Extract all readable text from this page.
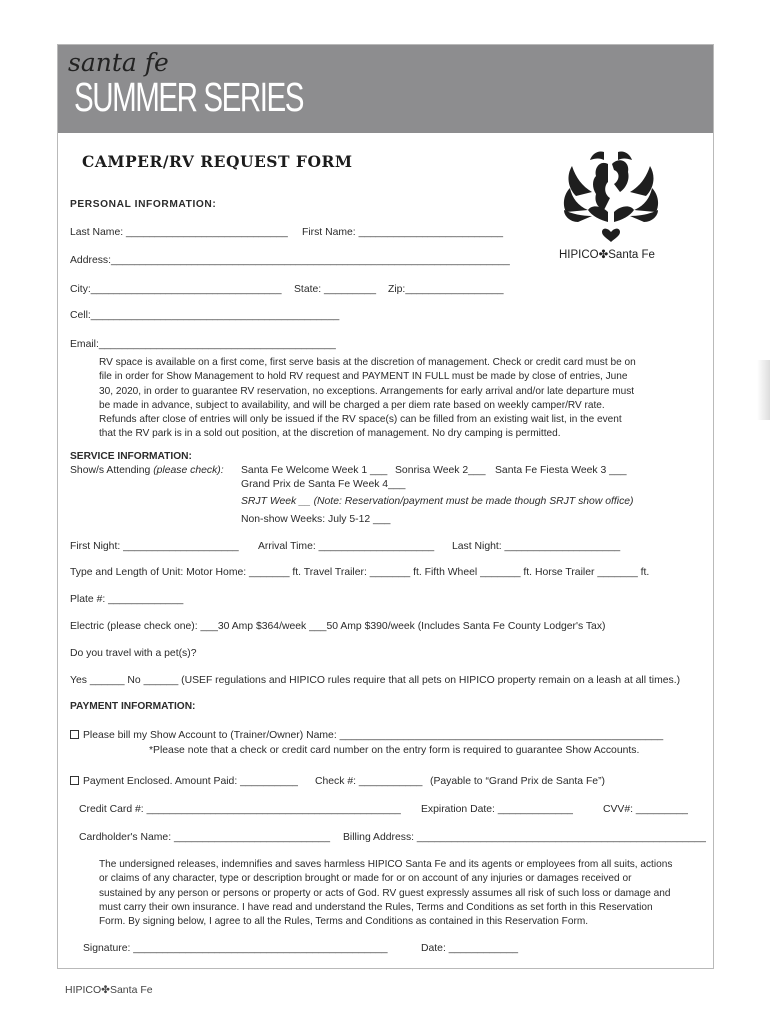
santa fe
SUMMER SERIES
CAMPER/RV REQUEST FORM
HIPICO✤Santa Fe
PERSONAL INFORMATION:
Last Name: ____________________________ First Name: _________________________
Address:_____________________________________________________________________
City:_________________________________ State: _________ Zip:_________________
Cell:___________________________________________
Email:_________________________________________
RV space is available on a first come, first serve basis at the discretion of management. Check or credit card must be on
file in order for Show Management to hold RV request and PAYMENT IN FULL must be made by close of entries, June
30, 2020, in order to guarantee RV reservation, no exceptions. Arrangements for early arrival and/or late departure must
be made in advance, subject to availability, and will be charged a per diem rate based on weekly camper/RV rate.
Refunds after close of entries will only be issued if the RV space(s) can be filled from an existing wait list, in the event
that the RV park is in a sold out position, at the discretion of management. No dry camping is permitted.
SERVICE INFORMATION:
Show/s Attending (please check): Santa Fe Welcome Week 1 ___ Sonrisa Week 2___ Santa Fe Fiesta Week 3 ___
Grand Prix de Santa Fe Week 4___
SRJT Week __ (Note: Reservation/payment must be made though SRJT show office)
Non-show Weeks: July 5-12 ___
First Night: ____________________ Arrival Time: ____________________ Last Night: ____________________
Type and Length of Unit: Motor Home: _______ ft. Travel Trailer: _______ ft. Fifth Wheel _______ ft. Horse Trailer _______ ft.
Plate #: _____________
Electric (please check one): ___30 Amp $364/week ___50 Amp $390/week (Includes Santa Fe County Lodger's Tax)
Do you travel with a pet(s)?
Yes ______ No ______ (USEF regulations and HIPICO rules require that all pets on HIPICO property remain on a leash at all times.)
PAYMENT INFORMATION:
Please bill my Show Account to (Trainer/Owner) Name: ________________________________________________________
*Please note that a check or credit card number on the entry form is required to guarantee Show Accounts.
Payment Enclosed. Amount Paid: __________ Check #: ___________ (Payable to “Grand Prix de Santa Fe”)
Credit Card #: ____________________________________________ Expiration Date: _____________	CVV#: _________
Cardholder's Name: ___________________________ Billing Address: __________________________________________________
The undersigned releases, indemnifies and saves harmless HIPICO Santa Fe and its agents or employees from all suits, actions
or claims of any character, type or description brought or made for or on account of any injuries or damages received or
sustained by any person or persons or property or acts of God. RV guest expressly assumes all risk of such loss or damage and
must carry their own insurance. I have read and understand the Rules, Terms and Conditions as set forth in this Reservation
Form. By signing below, I agree to all the Rules, Terms and Conditions as contained in this Reservation Form.
Signature: ____________________________________________	Date: ____________
HIPICO✤Santa Fe
